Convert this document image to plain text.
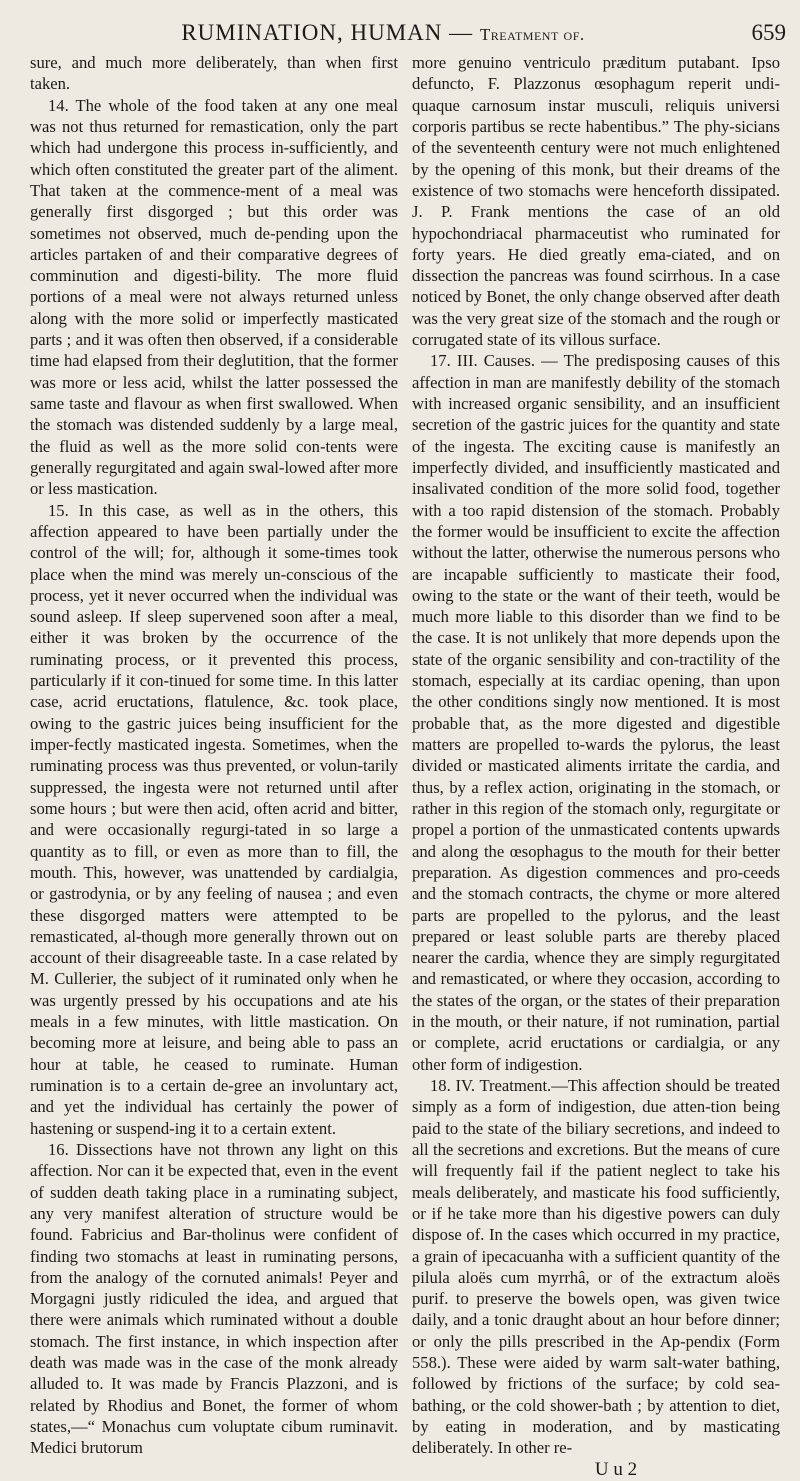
RUMINATION, HUMAN — Treatment of.	659

sure, and much more deliberately, than when first taken.

14. The whole of the food taken at any one meal was not thus returned for remastication, only the part which had undergone this process in-sufficiently, and which often constituted the greater part of the aliment. That taken at the commence-ment of a meal was generally first disgorged ; but this order was sometimes not observed, much de-pending upon the articles partaken of and their comparative degrees of comminution and digesti-bility. The more fluid portions of a meal were not always returned unless along with the more solid or imperfectly masticated parts ; and it was often then observed, if a considerable time had elapsed from their deglutition, that the former was more or less acid, whilst the latter possessed the same taste and flavour as when first swallowed. When the stomach was distended suddenly by a large meal, the fluid as well as the more solid con-tents were generally regurgitated and again swal-lowed after more or less mastication.

15. In this case, as well as in the others, this affection appeared to have been partially under the control of the will; for, although it some-times took place when the mind was merely un-conscious of the process, yet it never occurred when the individual was sound asleep. If sleep supervened soon after a meal, either it was broken by the occurrence of the ruminating process, or it prevented this process, particularly if it con-tinued for some time. In this latter case, acrid eructations, flatulence, &c. took place, owing to the gastric juices being insufficient for the imper-fectly masticated ingesta. Sometimes, when the ruminating process was thus prevented, or volun-tarily suppressed, the ingesta were not returned until after some hours ; but were then acid, often acrid and bitter, and were occasionally regurgi-tated in so large a quantity as to fill, or even as more than to fill, the mouth. This, however, was unattended by cardialgia, or gastrodynia, or by any feeling of nausea ; and even these disgorged matters were attempted to be remasticated, al-though more generally thrown out on account of their disagreeable taste. In a case related by M. Cullerier, the subject of it ruminated only when he was urgently pressed by his occupations and ate his meals in a few minutes, with little mastication. On becoming more at leisure, and being able to pass an hour at table, he ceased to ruminate. Human rumination is to a certain de-gree an involuntary act, and yet the individual has certainly the power of hastening or suspend-ing it to a certain extent.

16. Dissections have not thrown any light on this affection. Nor can it be expected that, even in the event of sudden death taking place in a ruminating subject, any very manifest alteration of structure would be found. Fabricius and Bar-tholinus were confident of finding two stomachs at least in ruminating persons, from the analogy of the cornuted animals! Peyer and Morgagni justly ridiculed the idea, and argued that there were animals which ruminated without a double stomach. The first instance, in which inspection after death was made was in the case of the monk already alluded to. It was made by Francis Plazzoni, and is related by Rhodius and Bonet, the former of whom states,—“ Monachus cum voluptate cibum ruminavit. Medici brutorum

more genuino ventriculo præditum putabant. Ipso defuncto, F. Plazzonus œsophagum reperit undi-quaque carnosum instar musculi, reliquis universi corporis partibus se recte habentibus.” The phy-sicians of the seventeenth century were not much enlightened by the opening of this monk, but their dreams of the existence of two stomachs were henceforth dissipated. J. P. Frank mentions the case of an old hypochondriacal pharmaceutist who ruminated for forty years. He died greatly ema-ciated, and on dissection the pancreas was found scirrhous. In a case noticed by Bonet, the only change observed after death was the very great size of the stomach and the rough or corrugated state of its villous surface.

17. III. Causes. — The predisposing causes of this affection in man are manifestly debility of the stomach with increased organic sensibility, and an insufficient secretion of the gastric juices for the quantity and state of the ingesta. The exciting cause is manifestly an imperfectly divided, and insufficiently masticated and insalivated condition of the more solid food, together with a too rapid distension of the stomach. Probably the former would be insufficient to excite the affection without the latter, otherwise the numerous persons who are incapable sufficiently to masticate their food, owing to the state or the want of their teeth, would be much more liable to this disorder than we find to be the case. It is not unlikely that more depends upon the state of the organic sensibility and con-tractility of the stomach, especially at its cardiac opening, than upon the other conditions singly now mentioned. It is most probable that, as the more digested and digestible matters are propelled to-wards the pylorus, the least divided or masticated aliments irritate the cardia, and thus, by a reflex action, originating in the stomach, or rather in this region of the stomach only, regurgitate or propel a portion of the unmasticated contents upwards and along the œsophagus to the mouth for their better preparation. As digestion commences and pro-ceeds and the stomach contracts, the chyme or more altered parts are propelled to the pylorus, and the least prepared or least soluble parts are thereby placed nearer the cardia, whence they are simply regurgitated and remasticated, or where they occasion, according to the states of the organ, or the states of their preparation in the mouth, or their nature, if not rumination, partial or complete, acrid eructations or cardialgia, or any other form of indigestion.

18. IV. Treatment.—This affection should be treated simply as a form of indigestion, due atten-tion being paid to the state of the biliary secretions, and indeed to all the secretions and excretions. But the means of cure will frequently fail if the patient neglect to take his meals deliberately, and masticate his food sufficiently, or if he take more than his digestive powers can duly dispose of. In the cases which occurred in my practice, a grain of ipecacuanha with a sufficient quantity of the pilula aloës cum myrrhâ, or of the extractum aloës purif. to preserve the bowels open, was given twice daily, and a tonic draught about an hour before dinner; or only the pills prescribed in the Ap-pendix (Form 558.). These were aided by warm salt-water bathing, followed by frictions of the surface; by cold sea-bathing, or the cold shower-bath ; by attention to diet, by eating in moderation, and by masticating deliberately. In other re-

U u 2
